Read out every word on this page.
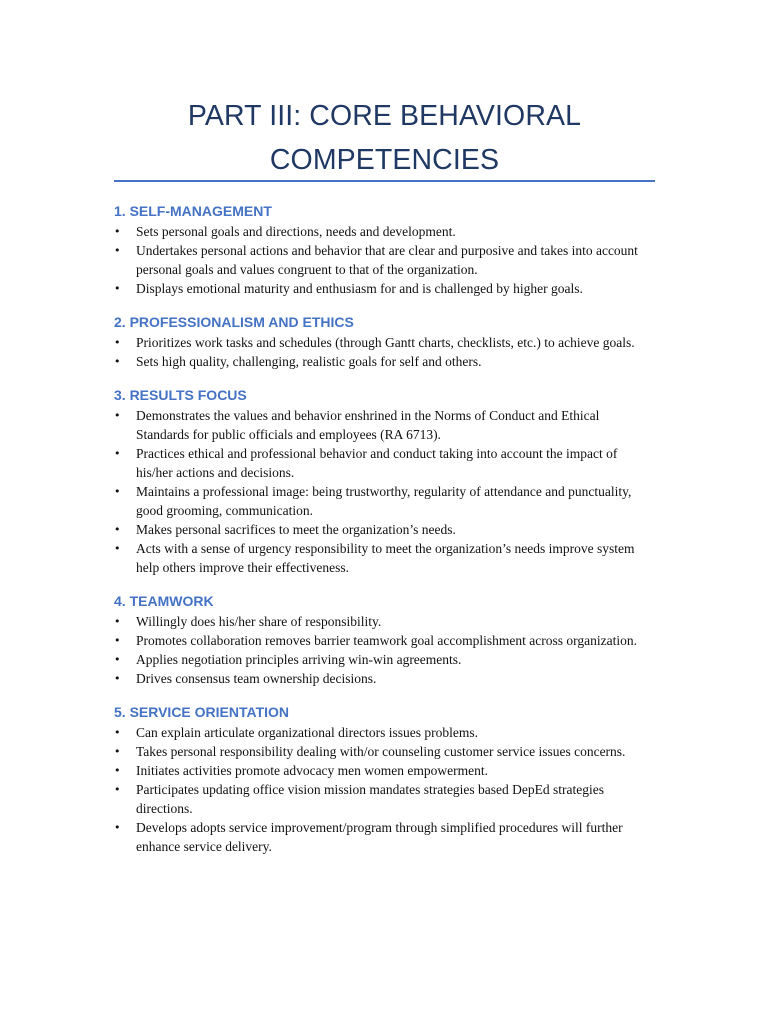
PART III: CORE BEHAVIORAL
COMPETENCIES
1. SELF-MANAGEMENT
• Sets personal goals and directions, needs and development.
• Undertakes personal actions and behavior that are clear and purposive and takes into account personal goals and values congruent to that of the organization.
• Displays emotional maturity and enthusiasm for and is challenged by higher goals.
2. PROFESSIONALISM AND ETHICS
• Prioritizes work tasks and schedules (through Gantt charts, checklists, etc.) to achieve goals.
• Sets high quality, challenging, realistic goals for self and others.
3. RESULTS FOCUS
• Demonstrates the values and behavior enshrined in the Norms of Conduct and Ethical Standards for public officials and employees (RA 6713).
• Practices ethical and professional behavior and conduct taking into account the impact of his/her actions and decisions.
• Maintains a professional image: being trustworthy, regularity of attendance and punctuality, good grooming, communication.
• Makes personal sacrifices to meet the organization’s needs.
• Acts with a sense of urgency responsibility to meet the organization’s needs improve system help others improve their effectiveness.
4. TEAMWORK
• Willingly does his/her share of responsibility.
• Promotes collaboration removes barrier teamwork goal accomplishment across organization.
• Applies negotiation principles arriving win-win agreements.
• Drives consensus team ownership decisions.
5. SERVICE ORIENTATION
• Can explain articulate organizational directors issues problems.
• Takes personal responsibility dealing with/or counseling customer service issues concerns.
• Initiates activities promote advocacy men women empowerment.
• Participates updating office vision mission mandates strategies based DepEd strategies directions.
• Develops adopts service improvement/program through simplified procedures will further enhance service delivery.
